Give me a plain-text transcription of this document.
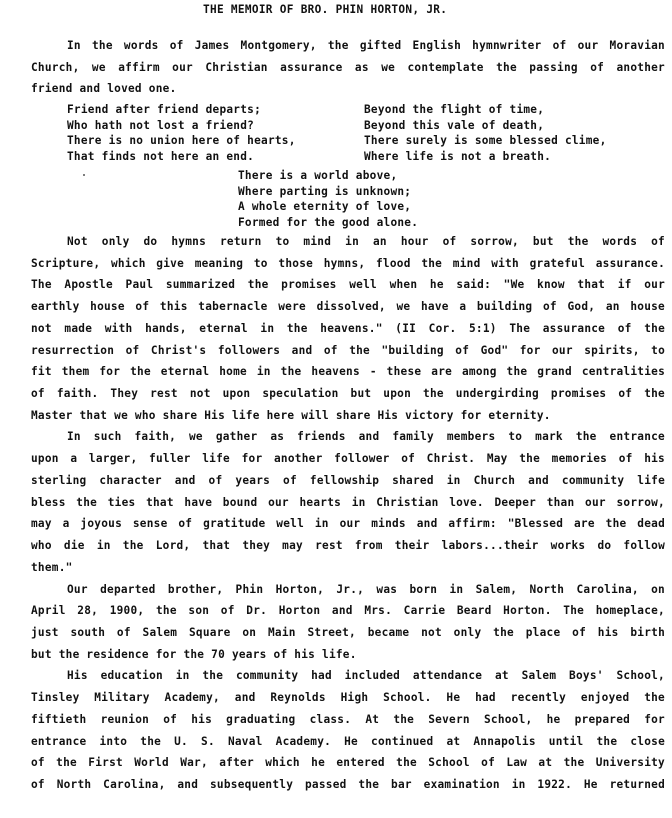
THE MEMOIR OF BRO. PHIN HORTON, JR.
In the words of James Montgomery, the gifted English hymnwriter of our Moravian
Church, we affirm our Christian assurance as we contemplate the passing of another
friend and loved one.
Friend after friend departs;
Who hath not lost a friend?
There is no union here of hearts,
That finds not here an end.
Beyond the flight of time,
Beyond this vale of death,
There surely is some blessed clime,
Where life is not a breath.
There is a world above,
Where parting is unknown;
A whole eternity of love,
Formed for the good alone.
Not only do hymns return to mind in an hour of sorrow, but the words of
Scripture, which give meaning to those hymns, flood the mind with grateful assurance.
The Apostle Paul summarized the promises well when he said: "We know that if our
earthly house of this tabernacle were dissolved, we have a building of God, an house
not made with hands, eternal in the heavens." (II Cor. 5:1) The assurance of the
resurrection of Christ's followers and of the "building of God" for our spirits, to
fit them for the eternal home in the heavens - these are among the grand centralities
of faith. They rest not upon speculation but upon the undergirding promises of the
Master that we who share His life here will share His victory for eternity.
In such faith, we gather as friends and family members to mark the entrance
upon a larger, fuller life for another follower of Christ. May the memories of his
sterling character and of years of fellowship shared in Church and community life
bless the ties that have bound our hearts in Christian love. Deeper than our sorrow,
may a joyous sense of gratitude well in our minds and affirm: "Blessed are the dead
who die in the Lord, that they may rest from their labors...their works do follow
them."
Our departed brother, Phin Horton, Jr., was born in Salem, North Carolina, on
April 28, 1900, the son of Dr. Horton and Mrs. Carrie Beard Horton. The homeplace,
just south of Salem Square on Main Street, became not only the place of his birth
but the residence for the 70 years of his life.
His education in the community had included attendance at Salem Boys' School,
Tinsley Military Academy, and Reynolds High School. He had recently enjoyed the
fiftieth reunion of his graduating class. At the Severn School, he prepared for
entrance into the U. S. Naval Academy. He continued at Annapolis until the close
of the First World War, after which he entered the School of Law at the University
of North Carolina, and subsequently passed the bar examination in 1922. He returned
